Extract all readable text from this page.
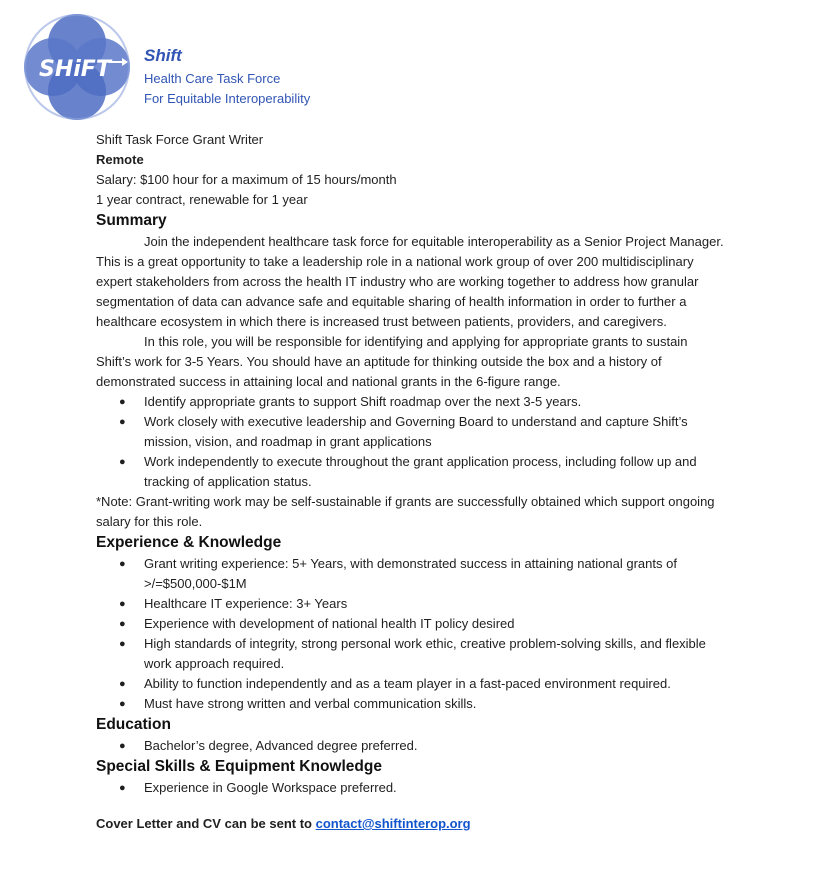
SHiFT
Shift
Health Care Task Force
For Equitable Interoperability

Shift Task Force Grant Writer

Remote

Salary: $100 hour for a maximum of 15 hours/month

1 year contract, renewable for 1 year

Summary

Join the independent healthcare task force for equitable interoperability as a Senior Project Manager. This is a great opportunity to take a leadership role in a national work group of over 200 multidisciplinary expert stakeholders from across the health IT industry who are working together to address how granular segmentation of data can advance safe and equitable sharing of health information in order to further a healthcare ecosystem in which there is increased trust between patients, providers, and caregivers.

In this role, you will be responsible for identifying and applying for appropriate grants to sustain Shift’s work for 3-5 Years. You should have an aptitude for thinking outside the box and a history of demonstrated success in attaining local and national grants in the 6-figure range.

● Identify appropriate grants to support Shift roadmap over the next 3-5 years.
● Work closely with executive leadership and Governing Board to understand and capture Shift’s mission, vision, and roadmap in grant applications
● Work independently to execute throughout the grant application process, including follow up and tracking of application status.

*Note: Grant-writing work may be self-sustainable if grants are successfully obtained which support ongoing salary for this role.

Experience & Knowledge
● Grant writing experience: 5+ Years, with demonstrated success in attaining national grants of >/=$500,000-$1M
● Healthcare IT experience: 3+ Years
● Experience with development of national health IT policy desired
● High standards of integrity, strong personal work ethic, creative problem-solving skills, and flexible work approach required.
● Ability to function independently and as a team player in a fast-paced environment required.
● Must have strong written and verbal communication skills.
Education
● Bachelor’s degree, Advanced degree preferred.
Special Skills & Equipment Knowledge
● Experience in Google Workspace preferred.

Cover Letter and CV can be sent to contact@shiftinterop.org
